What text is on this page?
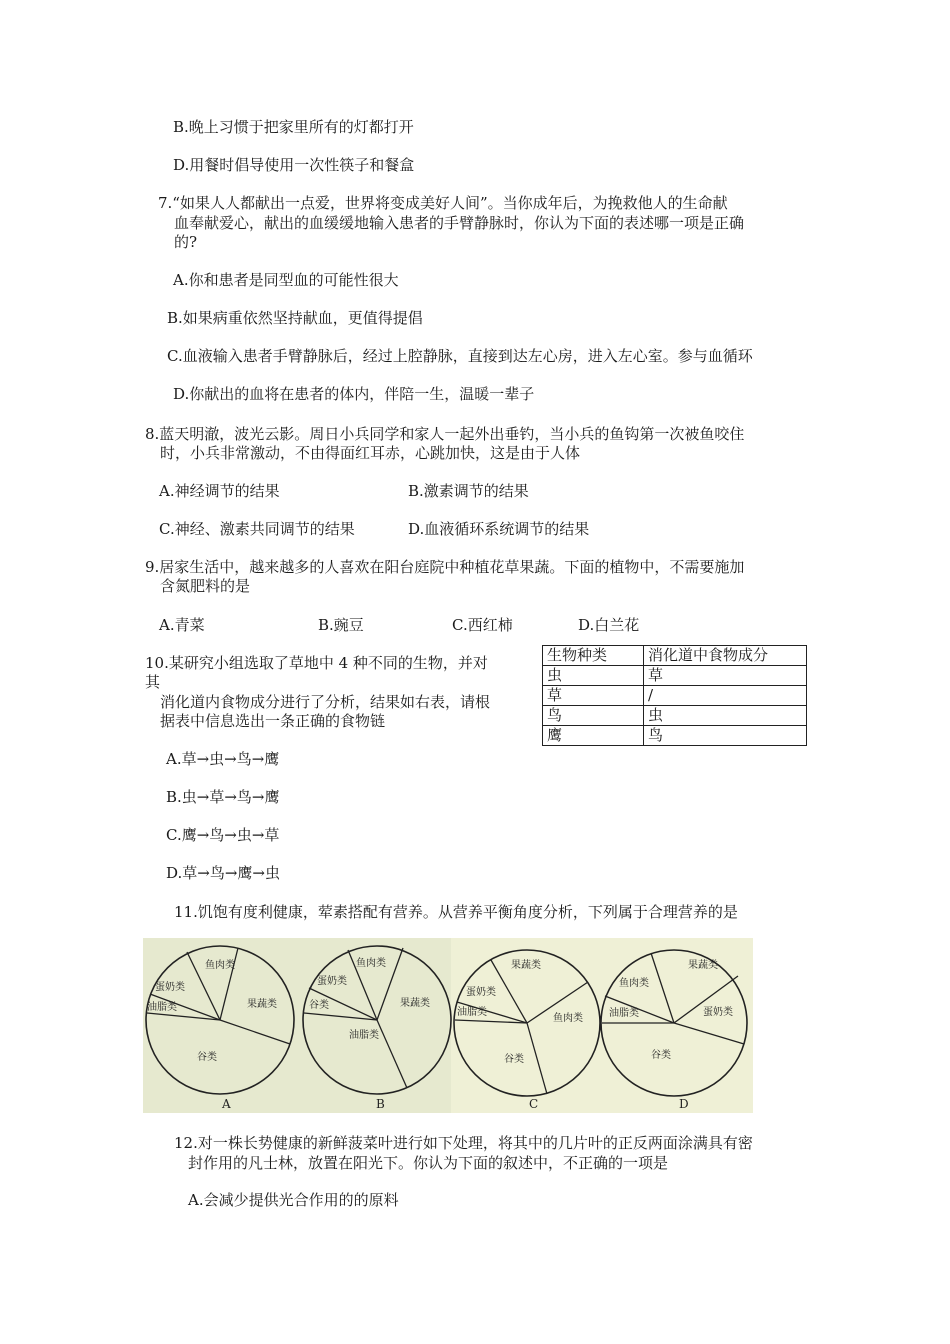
B.晚上习惯于把家里所有的灯都打开
D.用餐时倡导使用一次性筷子和餐盒
7.“如果人人都献出一点爱，世界将变成美好人间”。当你成年后，为挽救他人的生命献
血奉献爱心，献出的血缓缓地输入患者的手臂静脉时，你认为下面的表述哪一项是正确
的?
A.你和患者是同型血的可能性很大
B.如果病重依然坚持献血，更值得提倡
C.血液输入患者手臂静脉后，经过上腔静脉，直接到达左心房，进入左心室。参与血循环
D.你献出的血将在患者的体内，伴陪一生，温暖一辈子
8.蓝天明澈，波光云影。周日小兵同学和家人一起外出垂钓，当小兵的鱼钩第一次被鱼咬住
时，小兵非常激动，不由得面红耳赤，心跳加快，这是由于人体
A.神经调节的结果	B.激素调节的结果
C.神经、激素共同调节的结果	D.血液循环系统调节的结果
9.居家生活中，越来越多的人喜欢在阳台庭院中种植花草果蔬。下面的植物中，不需要施加
含氮肥料的是
A.青菜	B.豌豆	C.西红柿	D.白兰花
10.某研究小组选取了草地中 4 种不同的生物，并对
其
消化道内食物成分进行了分析，结果如右表，请根
据表中信息选出一条正确的食物链
A.草→虫→鸟→鹰
B.虫→草→鸟→鹰
C.鹰→鸟→虫→草
D.草→鸟→鹰→虫
生物种类	消化道中食物成分
虫	草
草	/
鸟	虫
鹰	鸟
11.饥饱有度利健康，荤素搭配有营养。从营养平衡角度分析，下列属于合理营养的是
鱼肉类
蛋奶类
油脂类	果蔬类
谷类
A
鱼肉类
蛋奶类
谷类	果蔬类
油脂类
B
果蔬类
蛋奶类
油脂类
鱼肉类
谷类
C
果蔬类
鱼肉类
油脂类	蛋奶类
谷类
D
12.对一株长势健康的新鲜菠菜叶进行如下处理，将其中的几片叶的正反两面涂满具有密
封作用的凡士林，放置在阳光下。你认为下面的叙述中，不正确的一项是
A.会减少提供光合作用的的原料
